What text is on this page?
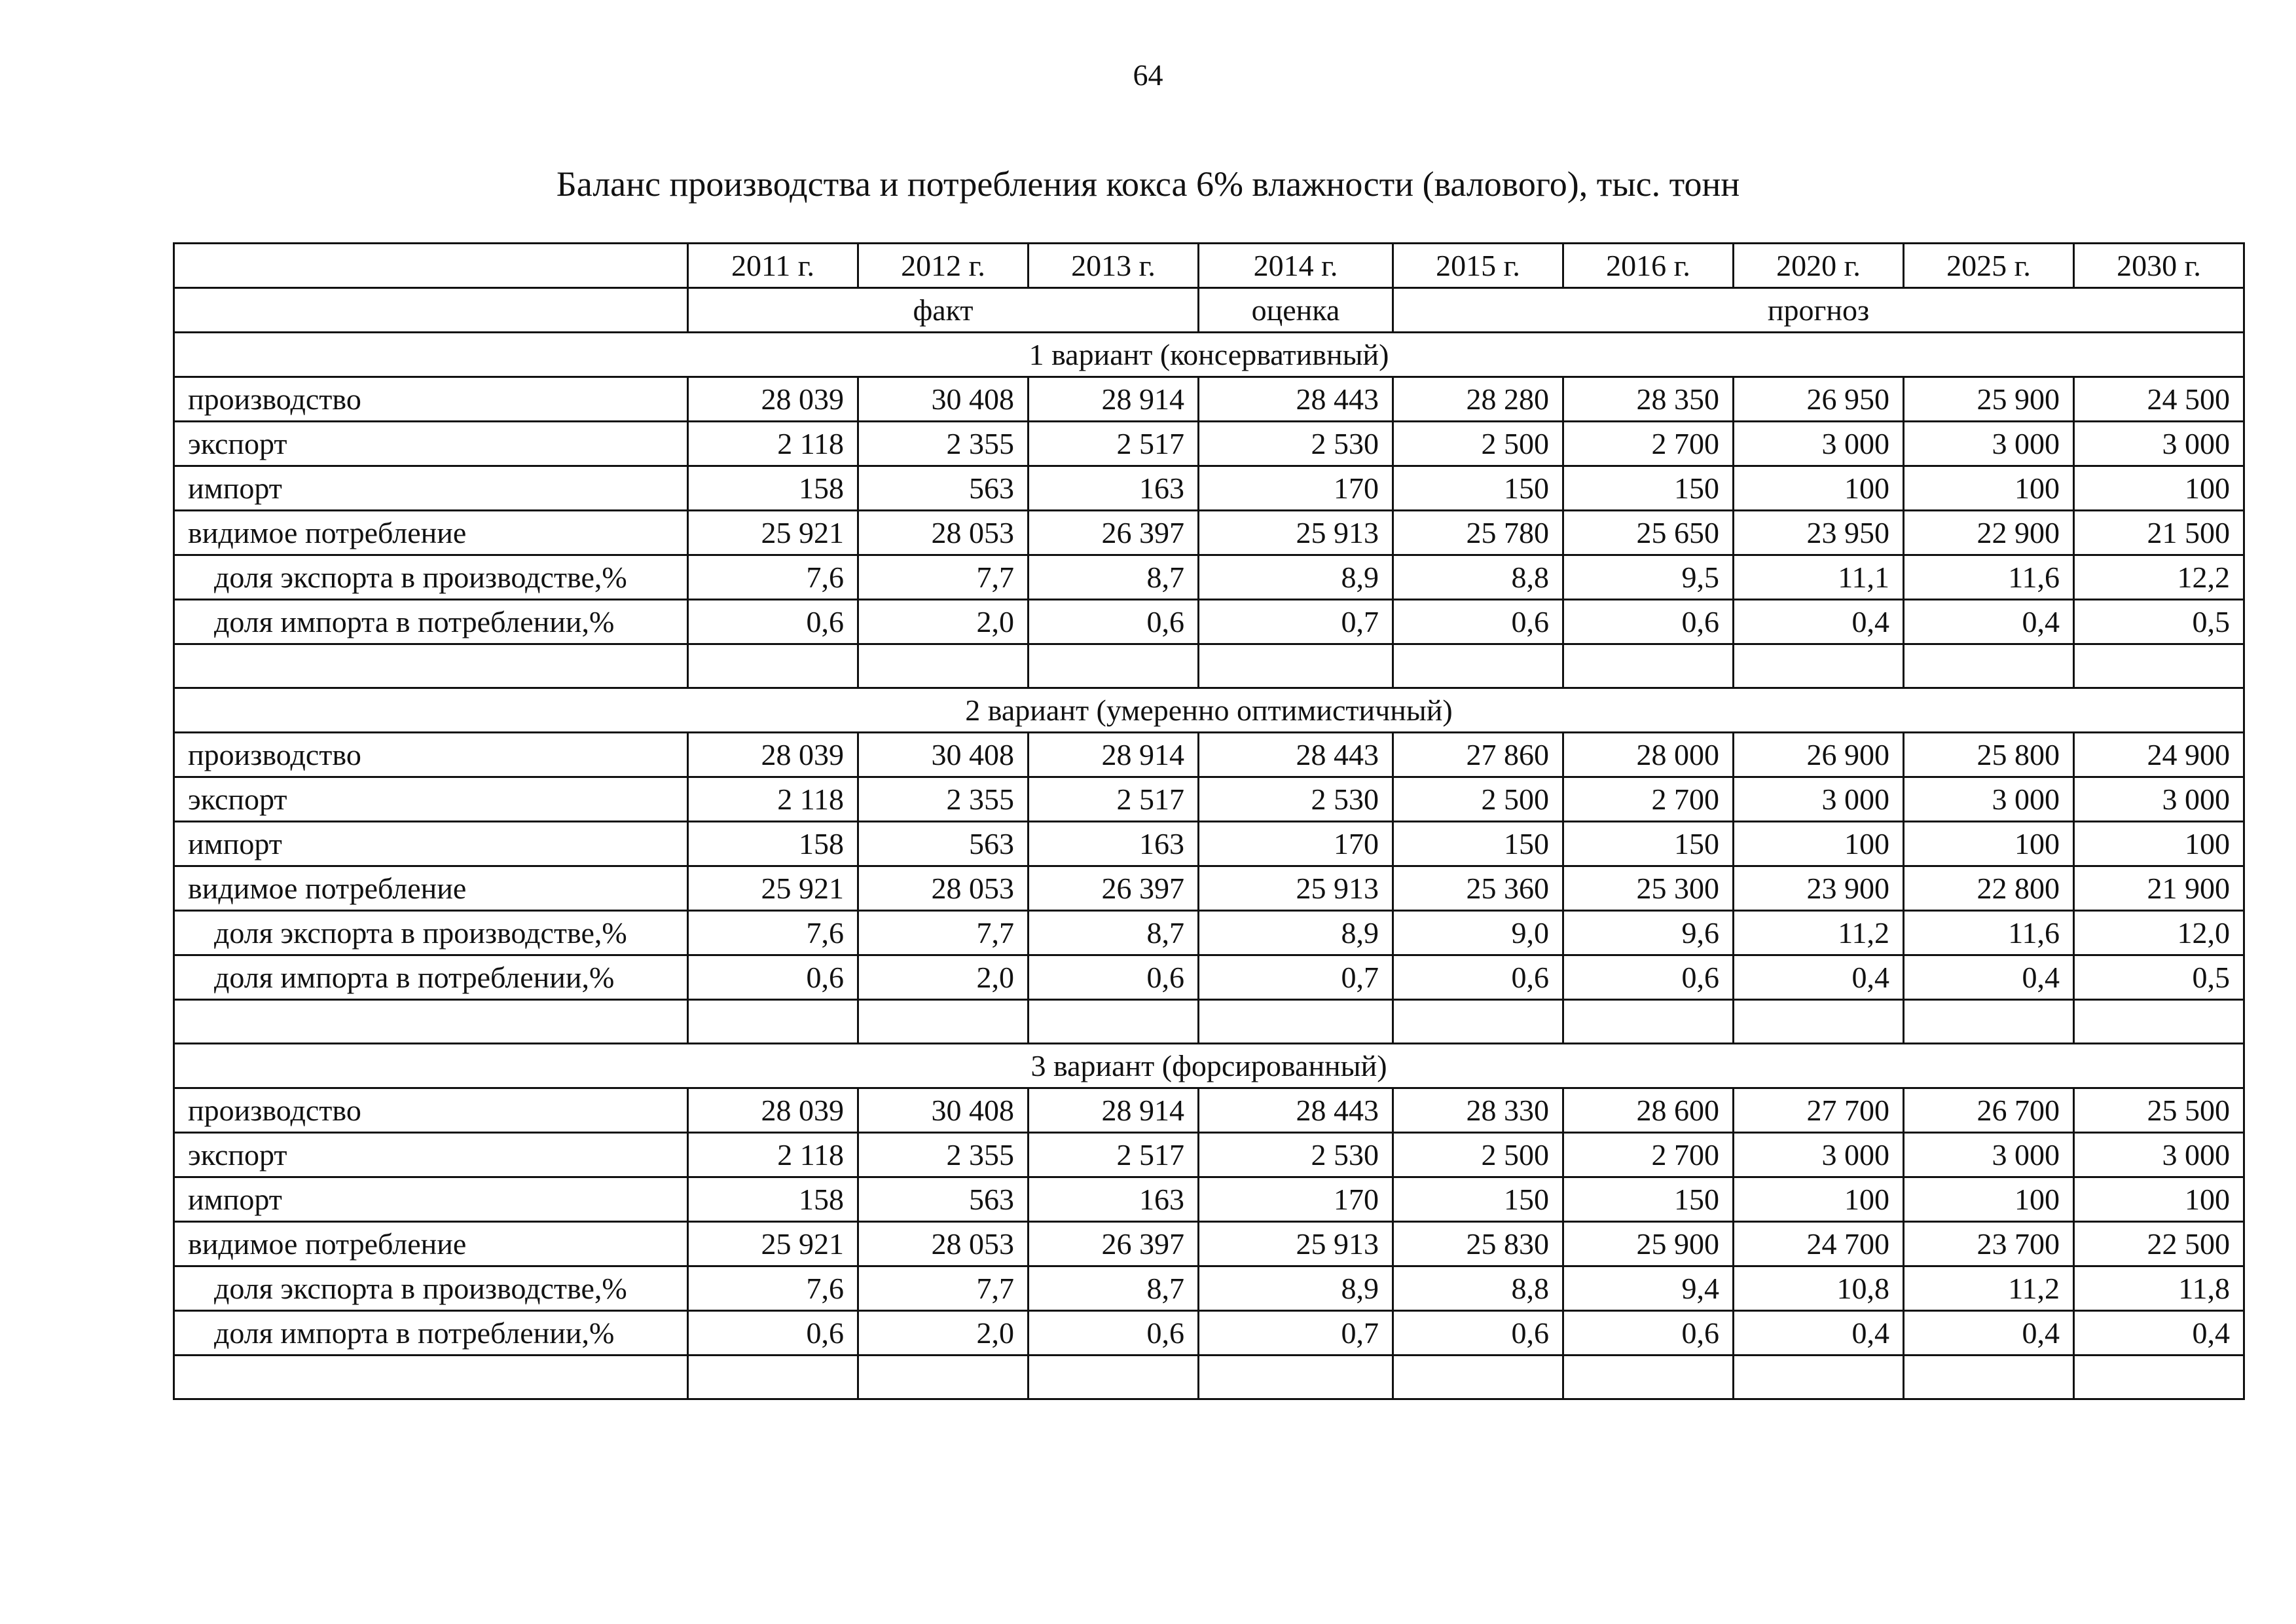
64
Баланс производства и потребления кокса 6% влажности (валового), тыс. тонн
	2011 г.	2012 г.	2013 г.	2014 г.	2015 г.	2016 г.	2020 г.	2025 г.	2030 г.
	факт			оценка	прогноз				
1 вариант (консервативный)									
производство	28 039	30 408	28 914	28 443	28 280	28 350	26 950	25 900	24 500
экспорт	2 118	2 355	2 517	2 530	2 500	2 700	3 000	3 000	3 000
импорт	158	563	163	170	150	150	100	100	100
видимое потребление	25 921	28 053	26 397	25 913	25 780	25 650	23 950	22 900	21 500
доля экспорта в производстве,%	7,6	7,7	8,7	8,9	8,8	9,5	11,1	11,6	12,2
доля импорта в потреблении,%	0,6	2,0	0,6	0,7	0,6	0,6	0,4	0,4	0,5

2 вариант (умеренно оптимистичный)									
производство	28 039	30 408	28 914	28 443	27 860	28 000	26 900	25 800	24 900
экспорт	2 118	2 355	2 517	2 530	2 500	2 700	3 000	3 000	3 000
импорт	158	563	163	170	150	150	100	100	100
видимое потребление	25 921	28 053	26 397	25 913	25 360	25 300	23 900	22 800	21 900
доля экспорта в производстве,%	7,6	7,7	8,7	8,9	9,0	9,6	11,2	11,6	12,0
доля импорта в потреблении,%	0,6	2,0	0,6	0,7	0,6	0,6	0,4	0,4	0,5

3 вариант (форсированный)									
производство	28 039	30 408	28 914	28 443	28 330	28 600	27 700	26 700	25 500
экспорт	2 118	2 355	2 517	2 530	2 500	2 700	3 000	3 000	3 000
импорт	158	563	163	170	150	150	100	100	100
видимое потребление	25 921	28 053	26 397	25 913	25 830	25 900	24 700	23 700	22 500
доля экспорта в производстве,%	7,6	7,7	8,7	8,9	8,8	9,4	10,8	11,2	11,8
доля импорта в потреблении,%	0,6	2,0	0,6	0,7	0,6	0,6	0,4	0,4	0,4
